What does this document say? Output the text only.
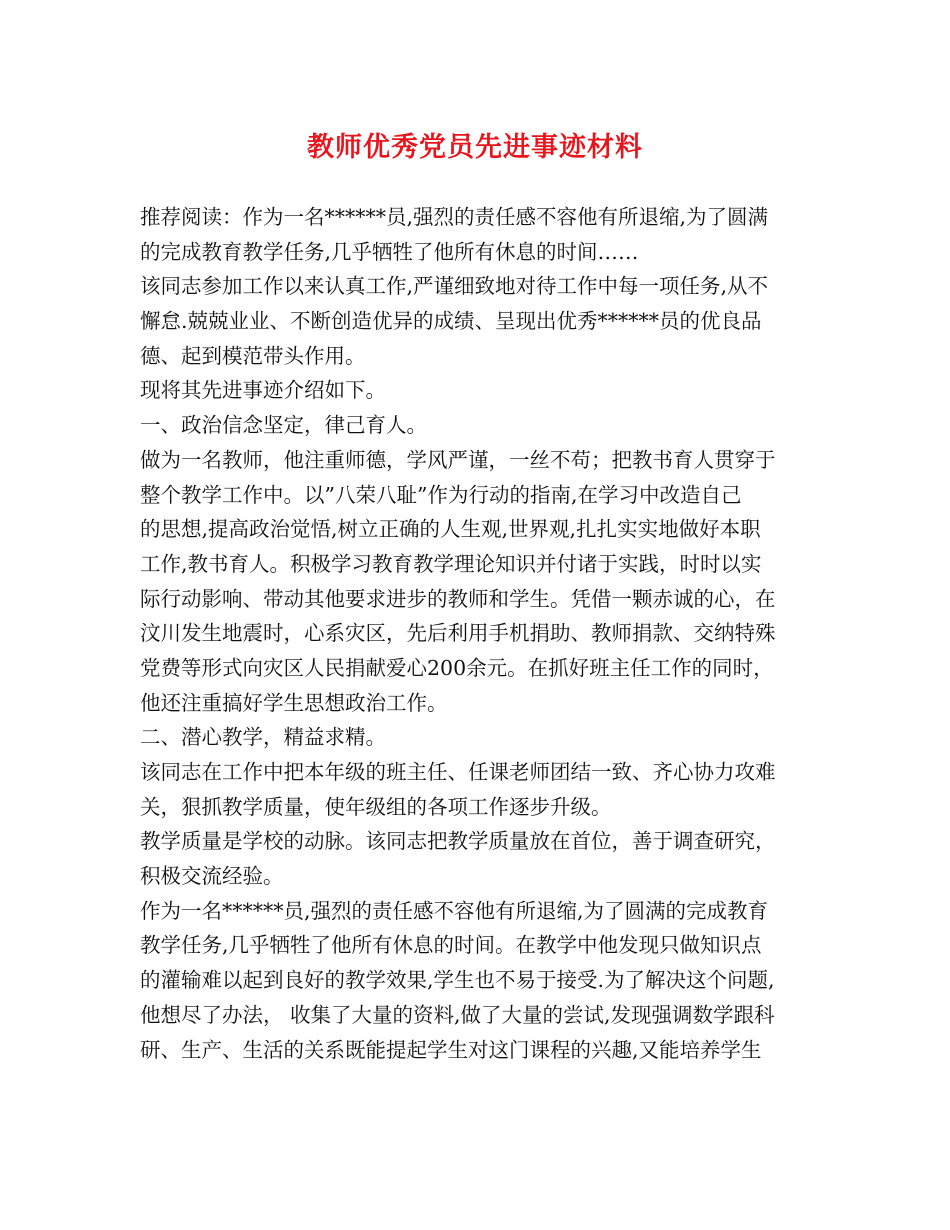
教师优秀党员先进事迹材料
推荐阅读：作为一名******员,强烈的责任感不容他有所退缩,为了圆满
的完成教育教学任务,几乎牺牲了他所有休息的时间……
该同志参加工作以来认真工作,严谨细致地对待工作中每一项任务,从不
懈怠.兢兢业业、不断创造优异的成绩、呈现出优秀******员的优良品
德、起到模范带头作用。
现将其先进事迹介绍如下。
一、政治信念坚定，律己育人。
做为一名教师，他注重师德，学风严谨，一丝不苟；把教书育人贯穿于
整个教学工作中。以”八荣八耻”作为行动的指南,在学习中改造自己
的思想,提高政治觉悟,树立正确的人生观,世界观,扎扎实实地做好本职
工作,教书育人。积极学习教育教学理论知识并付诸于实践，时时以实
际行动影响、带动其他要求进步的教师和学生。凭借一颗赤诚的心，在
汶川发生地震时，心系灾区，先后利用手机捐助、教师捐款、交纳特殊
党费等形式向灾区人民捐献爱心200余元。在抓好班主任工作的同时，
他还注重搞好学生思想政治工作。
二、潜心教学，精益求精。
该同志在工作中把本年级的班主任、任课老师团结一致、齐心协力攻难
关，狠抓教学质量，使年级组的各项工作逐步升级。
教学质量是学校的动脉。该同志把教学质量放在首位，善于调查研究，
积极交流经验。
作为一名******员,强烈的责任感不容他有所退缩,为了圆满的完成教育
教学任务,几乎牺牲了他所有休息的时间。在教学中他发现只做知识点
的灌输难以起到良好的教学效果,学生也不易于接受.为了解决这个问题,
他想尽了办法， 收集了大量的资料,做了大量的尝试,发现强调数学跟科
研、生产、生活的关系既能提起学生对这门课程的兴趣,又能培养学生
